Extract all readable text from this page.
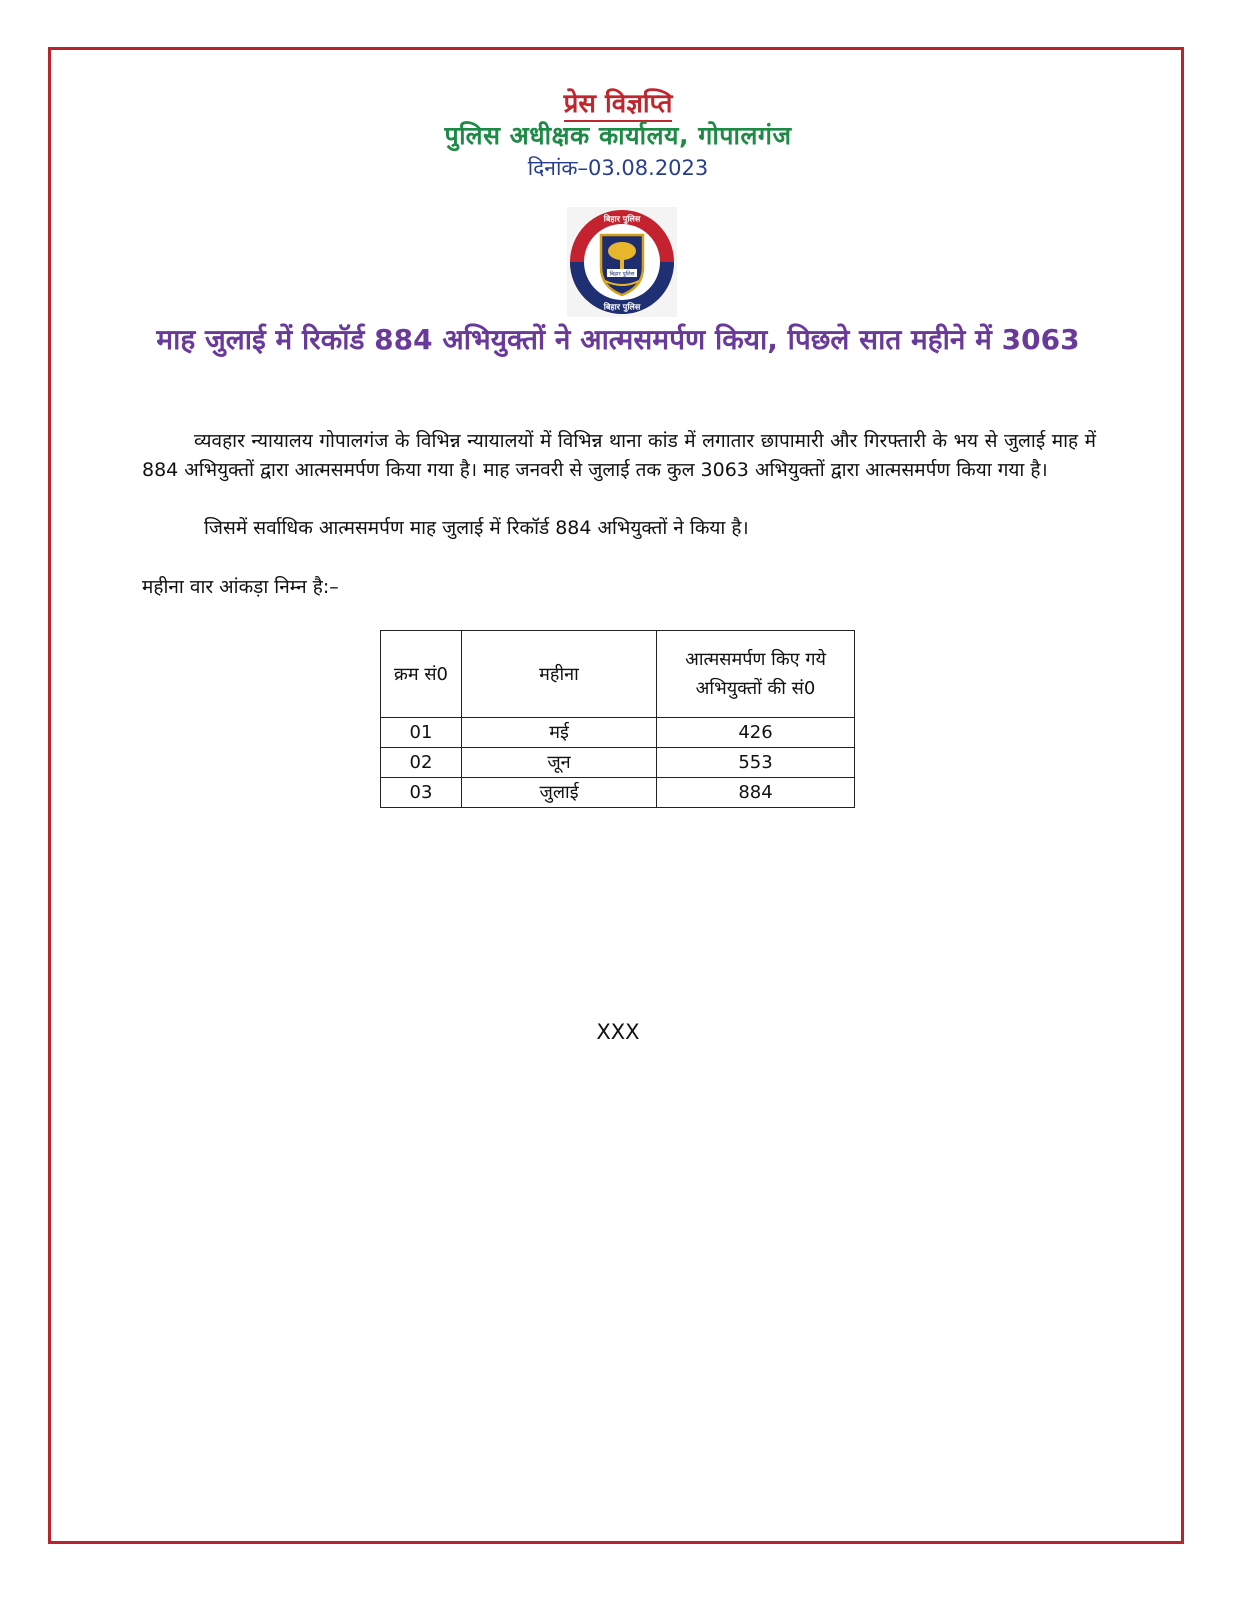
प्रेस विज्ञप्ति
पुलिस अधीक्षक कार्यालय, गोपालगंज
दिनांक–03.08.2023
बिहार पुलिस
बिहार पुलिस
बिहार पुलिस
माह जुलाई में रिकॉर्ड 884 अभियुक्तों ने आत्मसमर्पण किया, पिछले सात महीने में 3063
व्यवहार न्यायालय गोपालगंज के विभिन्न न्यायालयों में विभिन्न थाना कांड में लगातार छापामारी और गिरफ्तारी के भय से जुलाई माह में 884 अभियुक्तों द्वारा आत्मसमर्पण किया गया है। माह जनवरी से जुलाई तक कुल 3063 अभियुक्तों द्वारा आत्मसमर्पण किया गया है।
जिसमें सर्वाधिक आत्मसमर्पण माह जुलाई में रिकॉर्ड 884 अभियुक्तों ने किया है।
महीना वार आंकड़ा निम्न है:–
क्रम सं0	महीना	आत्मसमर्पण किए गये अभियुक्तों की सं0
01	मई	426
02	जून	553
03	जुलाई	884
XXX
